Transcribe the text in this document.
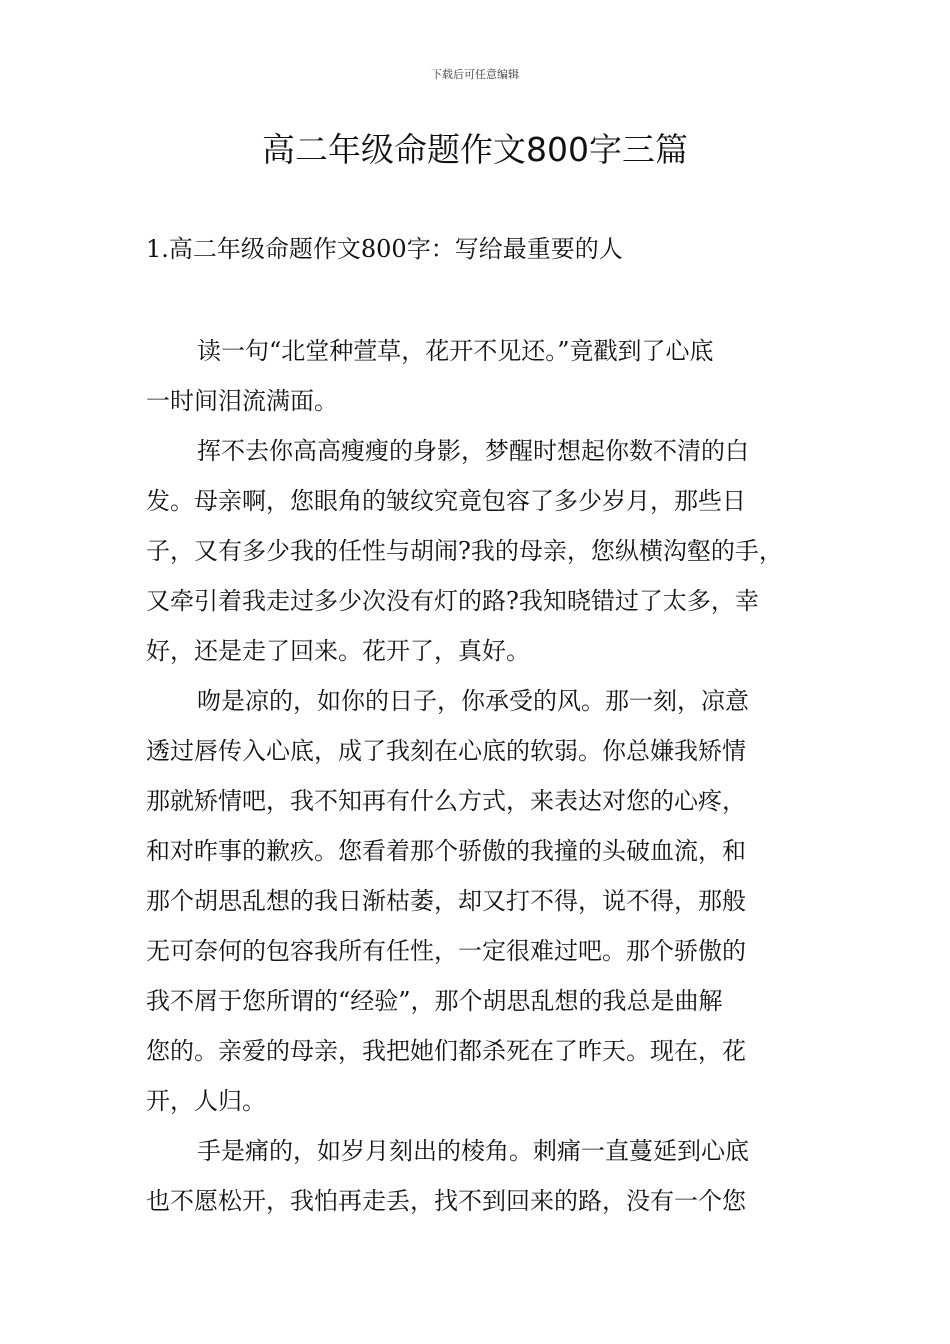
下载后可任意编辑
高二年级命题作文800字三篇
1.高二年级命题作文800字：写给最重要的人
读一句“北堂种萱草，花开不见还。”竟戳到了心底
一时间泪流满面。
挥不去你高高瘦瘦的身影，梦醒时想起你数不清的白
发。母亲啊，您眼角的皱纹究竟包容了多少岁月，那些日
子，又有多少我的任性与胡闹?我的母亲，您纵横沟壑的手，
又牵引着我走过多少次没有灯的路?我知晓错过了太多，幸
好，还是走了回来。花开了，真好。
吻是凉的，如你的日子，你承受的风。那一刻，凉意
透过唇传入心底，成了我刻在心底的软弱。你总嫌我矫情
那就矫情吧，我不知再有什么方式，来表达对您的心疼，
和对昨事的歉疚。您看着那个骄傲的我撞的头破血流，和
那个胡思乱想的我日渐枯萎，却又打不得，说不得，那般
无可奈何的包容我所有任性，一定很难过吧。那个骄傲的
我不屑于您所谓的“经验”，那个胡思乱想的我总是曲解
您的。亲爱的母亲，我把她们都杀死在了昨天。现在，花
开，人归。
手是痛的，如岁月刻出的棱角。刺痛一直蔓延到心底
也不愿松开，我怕再走丢，找不到回来的路，没有一个您
